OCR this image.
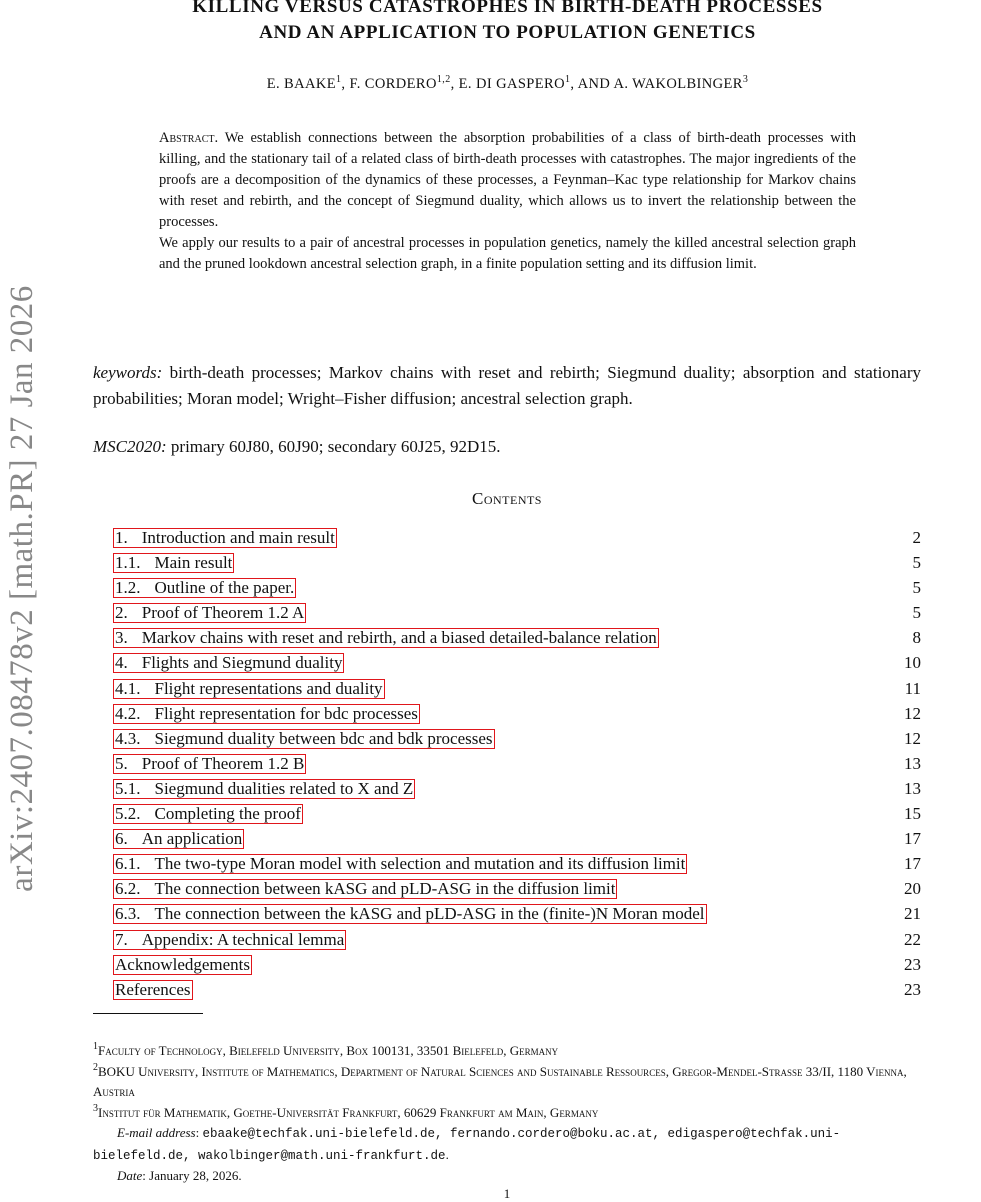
arXiv:2407.08478v2 [math.PR] 27 Jan 2026
KILLING VERSUS CATASTROPHES IN BIRTH-DEATH PROCESSES
AND AN APPLICATION TO POPULATION GENETICS
E. BAAKE$^1$, F. CORDERO$^{1,2}$, E. DI GASPERO$^1$, AND A. WAKOLBINGER$^3$

Abstract. We establish connections between the absorption probabilities of a class of birth-death processes with killing, and the stationary tail of a related class of birth-death processes with catastrophes. The major ingredients of the proofs are a decomposition of the dynamics of these processes, a Feynman–Kac type relationship for Markov chains with reset and rebirth, and the concept of Siegmund duality, which allows us to invert the relationship between the processes.

We apply our results to a pair of ancestral processes in population genetics, namely the killed ancestral selection graph and the pruned lookdown ancestral selection graph, in a finite population setting and its diffusion limit.

keywords: birth-death processes; Markov chains with reset and rebirth; Siegmund duality; absorption and stationary probabilities; Moran model; Wright–Fisher diffusion; ancestral selection graph.
MSC2020: primary 60J80, 60J90; secondary 60J25, 92D15.
Contents
1. Introduction and main result	2
1.1. Main result	5
1.2. Outline of the paper.	5
2. Proof of Theorem 1.2 A	5
3. Markov chains with reset and rebirth, and a biased detailed-balance relation	8
4. Flights and Siegmund duality	10
4.1. Flight representations and duality	11
4.2. Flight representation for bdc processes	12
4.3. Siegmund duality between bdc and bdk processes	12
5. Proof of Theorem 1.2 B	13
5.1. Siegmund dualities related to X and Z	13
5.2. Completing the proof	15
6. An application	17
6.1. The two-type Moran model with selection and mutation and its diffusion limit	17
6.2. The connection between kASG and pLD-ASG in the diffusion limit	20
6.3. The connection between the kASG and pLD-ASG in the (finite-)N Moran model	21
7. Appendix: A technical lemma	22
Acknowledgements	23
References	23

$^1$Faculty of Technology, Bielefeld University, Box 100131, 33501 Bielefeld, Germany

$^2$BOKU University, Institute of Mathematics, Department of Natural Sciences and Sustainable Ressources, Gregor-Mendel-Strasse 33/II, 1180 Vienna, Austria

$^3$Institut für Mathematik, Goethe-Universität Frankfurt, 60629 Frankfurt am Main, Germany

E-mail address: ebaake@techfak.uni-bielefeld.de, fernando.cordero@boku.ac.at, edigaspero@techfak.uni-bielefeld.de, wakolbinger@math.uni-frankfurt.de.

Date: January 28, 2026.

1
